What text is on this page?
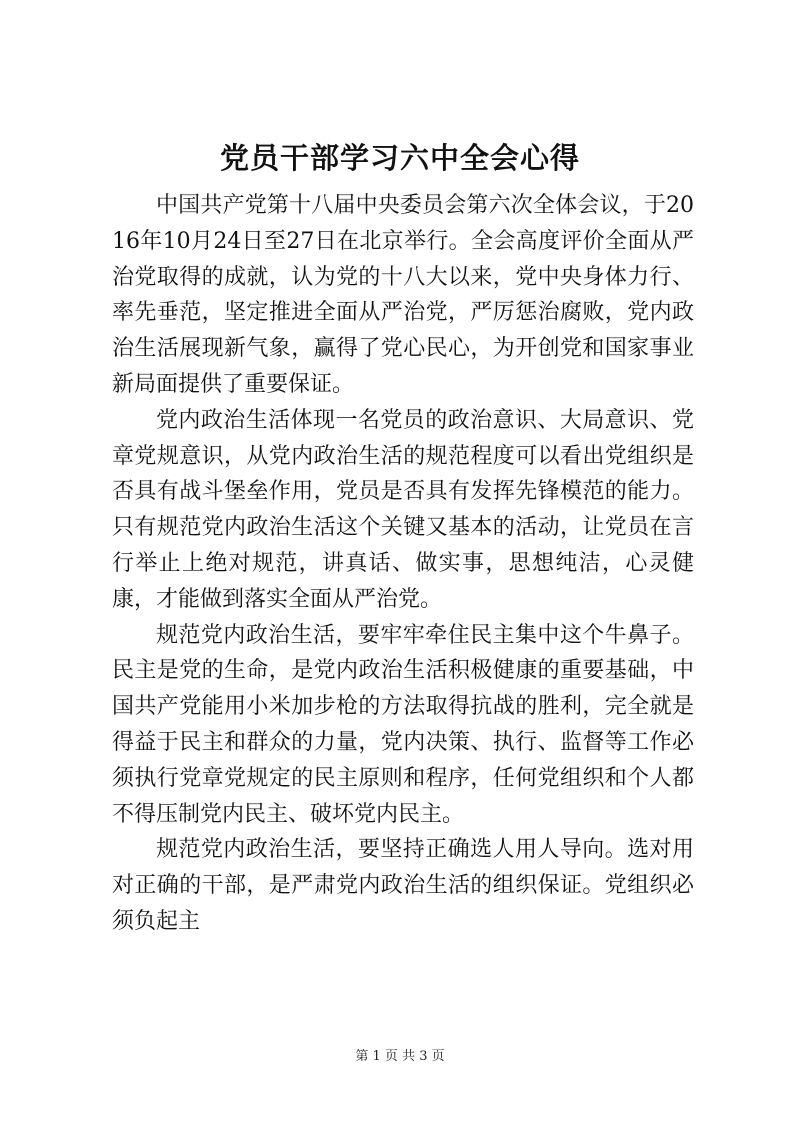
党员干部学习六中全会心得

中国共产党第十八届中央委员会第六次全体会议，于2016年10月24日至27日在北京举行。全会高度评价全面从严治党取得的成就，认为党的十八大以来，党中央身体力行、率先垂范，坚定推进全面从严治党，严厉惩治腐败，党内政治生活展现新气象，赢得了党心民心，为开创党和国家事业新局面提供了重要保证。

党内政治生活体现一名党员的政治意识、大局意识、党章党规意识，从党内政治生活的规范程度可以看出党组织是否具有战斗堡垒作用，党员是否具有发挥先锋模范的能力。只有规范党内政治生活这个关键又基本的活动，让党员在言行举止上绝对规范，讲真话、做实事，思想纯洁，心灵健康，才能做到落实全面从严治党。

规范党内政治生活，要牢牢牵住民主集中这个牛鼻子。民主是党的生命，是党内政治生活积极健康的重要基础，中国共产党能用小米加步枪的方法取得抗战的胜利，完全就是得益于民主和群众的力量，党内决策、执行、监督等工作必须执行党章党规定的民主原则和程序，任何党组织和个人都不得压制党内民主、破坏党内民主。

规范党内政治生活，要坚持正确选人用人导向。选对用对正确的干部，是严肃党内政治生活的组织保证。党组织必须负起主

第 1 页 共 3 页
